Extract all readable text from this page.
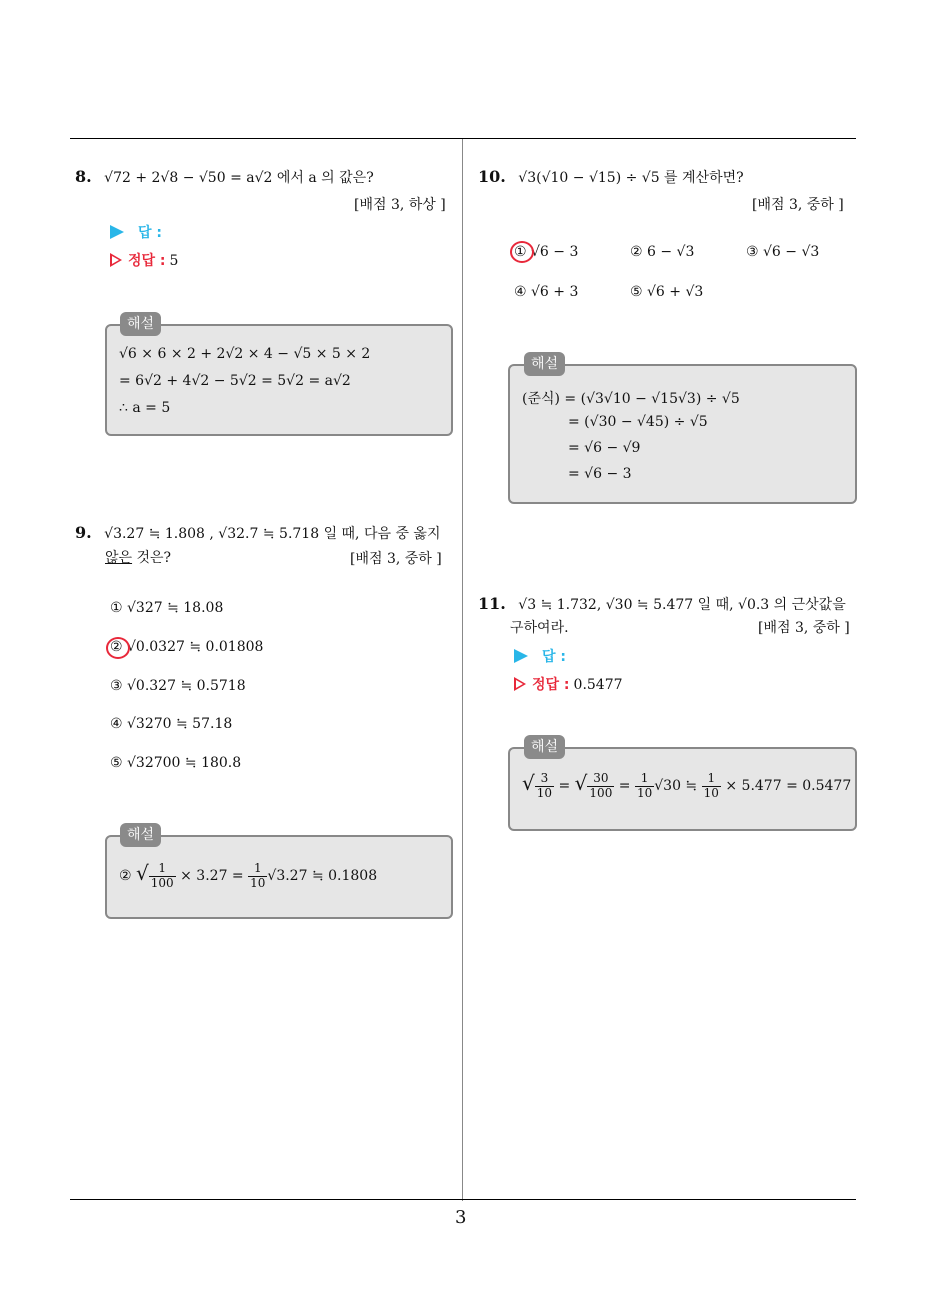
3
8. √72 + 2√8 − √50 = a√2 에서 a 의 값은?
[배점 3, 하상 ]
답 :
정답 : 5
√6 × 6 × 2 + 2√2 × 4 − √5 × 5 × 2
= 6√2 + 4√2 − 5√2 = 5√2 = a√2
∴ a = 5
해설
9. √3.27 ≒ 1.808 , √32.7 ≒ 5.718 일 때, 다음 중 옳지
않은 것은?	[배점 3, 중하 ]
① √327 ≒ 18.08
② √0.0327 ≒ 0.01808
③ √0.327 ≒ 0.5718
④ √3270 ≒ 57.18
⑤ √32700 ≒ 180.8
② √ $\frac{1}{100} \times 3.27 = \frac{1}{10} √3.27$ ≒ 0.1808
해설
10. √3(√10 − √15) ÷ √5 를 계산하면?
[배점 3, 중하 ]
① √6 − 3	② 6 − √3	③ √6 − √3
④ √6 + 3	⑤ √6 + √3
(준식) = (√3√10 − √15√3) ÷ √5
= (√30 − √45) ÷ √5
= √6 − √9
= √6 − 3
해설
11. √3 ≒ 1.732, √30 ≒ 5.477 일 때, √0.3 의 근삿값을
구하여라.	[배점 3, 중하 ]
답 :
정답 : 0.5477
√ $\frac{3}{10}$ = √ $\frac{30}{100} = \frac{1}{10} √30$ ≒ $\frac{1}{10} \times 5.477 = 0.5477$
해설
